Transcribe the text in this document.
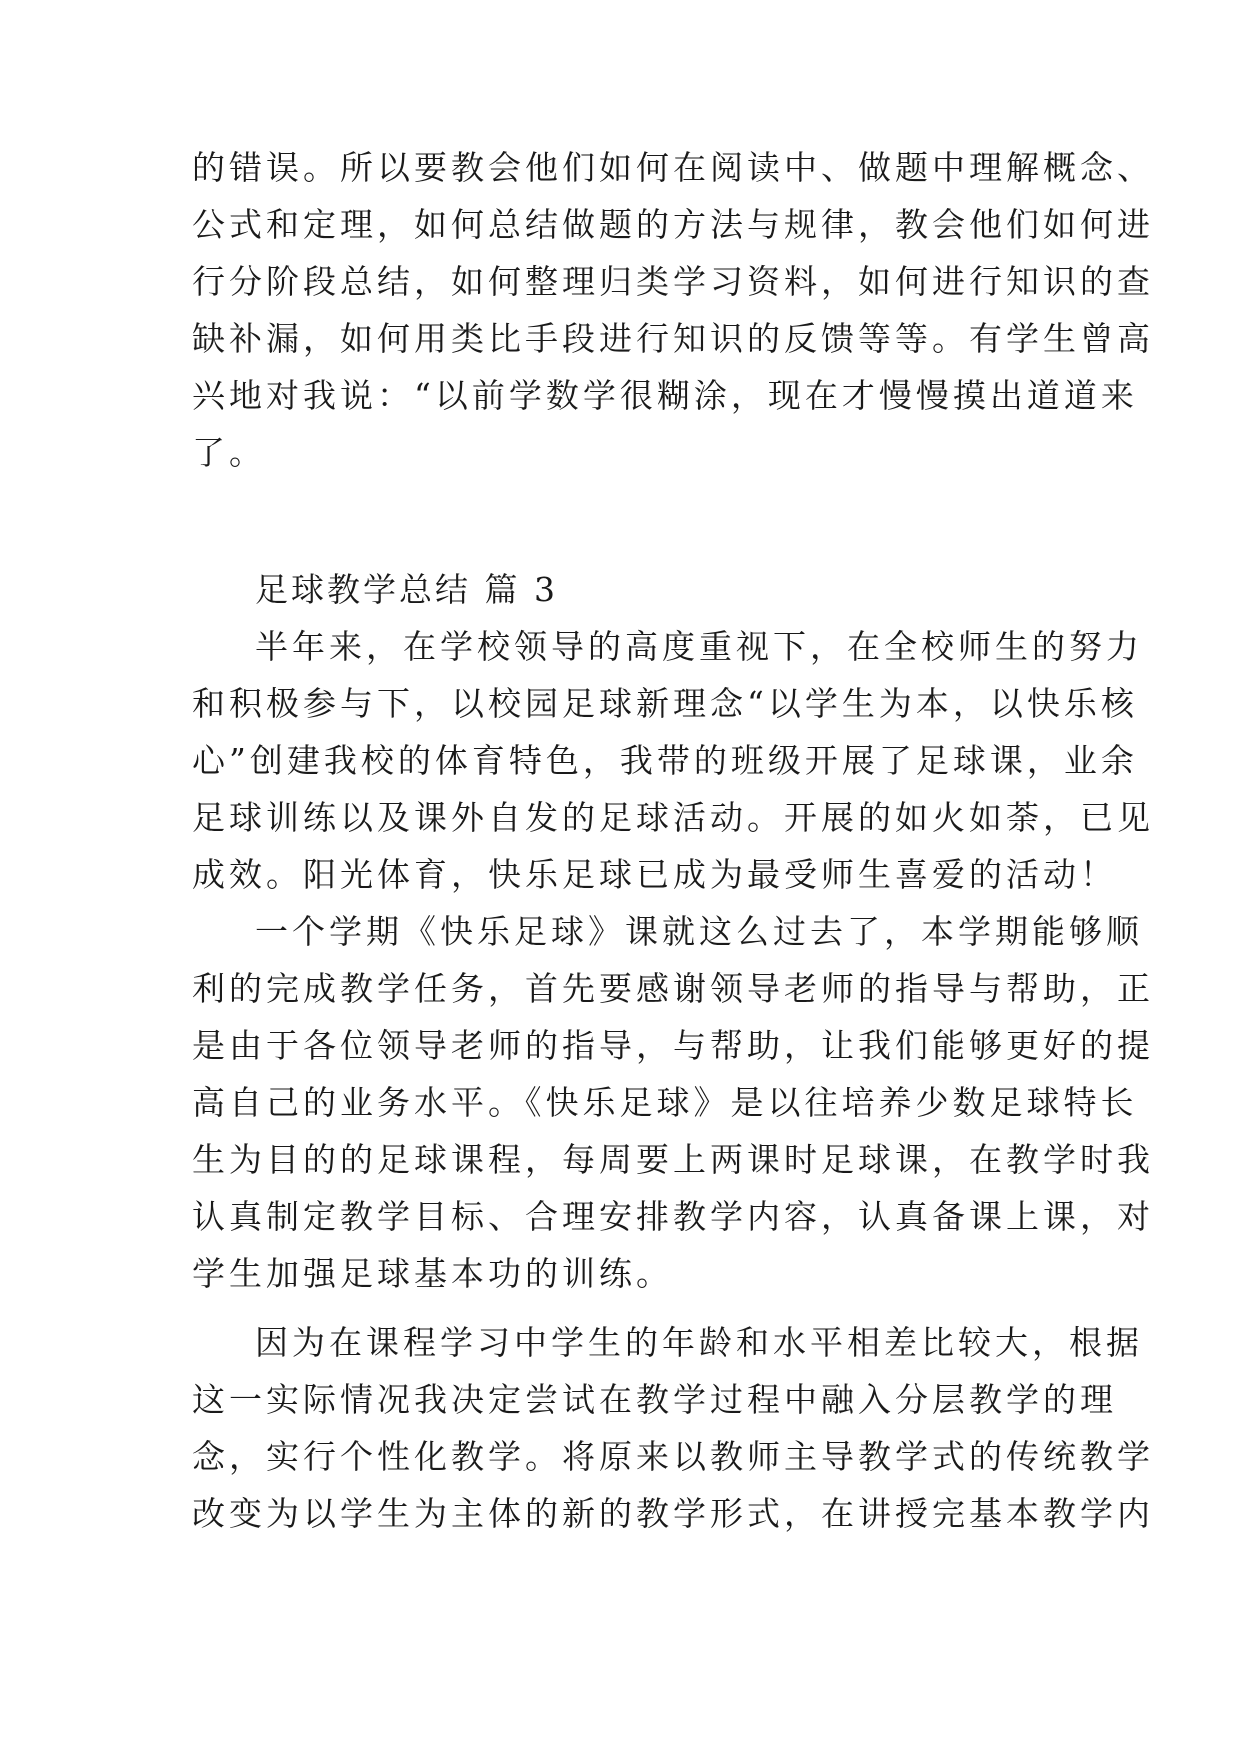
的错误。所以要教会他们如何在阅读中、做题中理解概念、
公式和定理，如何总结做题的方法与规律，教会他们如何进
行分阶段总结，如何整理归类学习资料，如何进行知识的查
缺补漏，如何用类比手段进行知识的反馈等等。有学生曾高
兴地对我说：“以前学数学很糊涂，现在才慢慢摸出道道来
了。
足球教学总结 篇 3
半年来，在学校领导的高度重视下，在全校师生的努力
和积极参与下，以校园足球新理念“以学生为本，以快乐核
心”创建我校的体育特色，我带的班级开展了足球课，业余
足球训练以及课外自发的足球活动。开展的如火如荼，已见
成效。阳光体育，快乐足球已成为最受师生喜爱的活动！
一个学期《快乐足球》课就这么过去了，本学期能够顺
利的完成教学任务，首先要感谢领导老师的指导与帮助，正
是由于各位领导老师的指导，与帮助，让我们能够更好的提
高自己的业务水平。《快乐足球》是以往培养少数足球特长
生为目的的足球课程，每周要上两课时足球课，在教学时我
认真制定教学目标、合理安排教学内容，认真备课上课，对
学生加强足球基本功的训练。
因为在课程学习中学生的年龄和水平相差比较大，根据
这一实际情况我决定尝试在教学过程中融入分层教学的理
念，实行个性化教学。将原来以教师主导教学式的传统教学
改变为以学生为主体的新的教学形式，在讲授完基本教学内
